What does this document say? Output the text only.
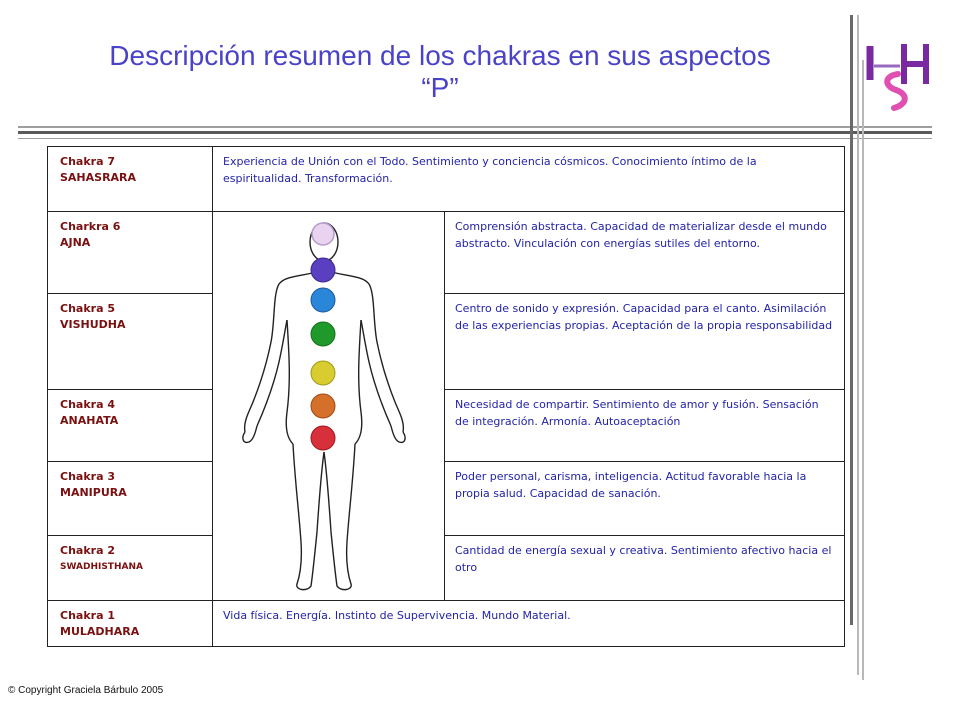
Descripción resumen de los chakras en sus aspectos
“P”
Chakra 7
SAHASRARA
Experiencia de Unión con el Todo. Sentimiento y conciencia cósmicos. Conocimiento íntimo de la espiritualidad. Transformación.
Charkra 6
AJNA
Comprensión abstracta. Capacidad de materializar desde el mundo abstracto. Vinculación con energías sutiles del entorno.
Chakra 5
VISHUDHA
Centro de sonido y expresión. Capacidad para el canto. Asimilación de las experiencias propias. Aceptación de la propia responsabilidad
Chakra 4
ANAHATA
Necesidad de compartir. Sentimiento de amor y fusión. Sensación de integración. Armonía. Autoaceptación
Chakra 3
MANIPURA
Poder personal, carisma, inteligencia. Actitud favorable hacia la propia salud. Capacidad de sanación.
Chakra 2
SWADHISTHANA
Cantidad de energía sexual y creativa. Sentimiento afectivo hacia el otro
Chakra 1
MULADHARA
Vida física. Energía. Instinto de Supervivencia. Mundo Material.
© Copyright Graciela Bárbulo 2005
